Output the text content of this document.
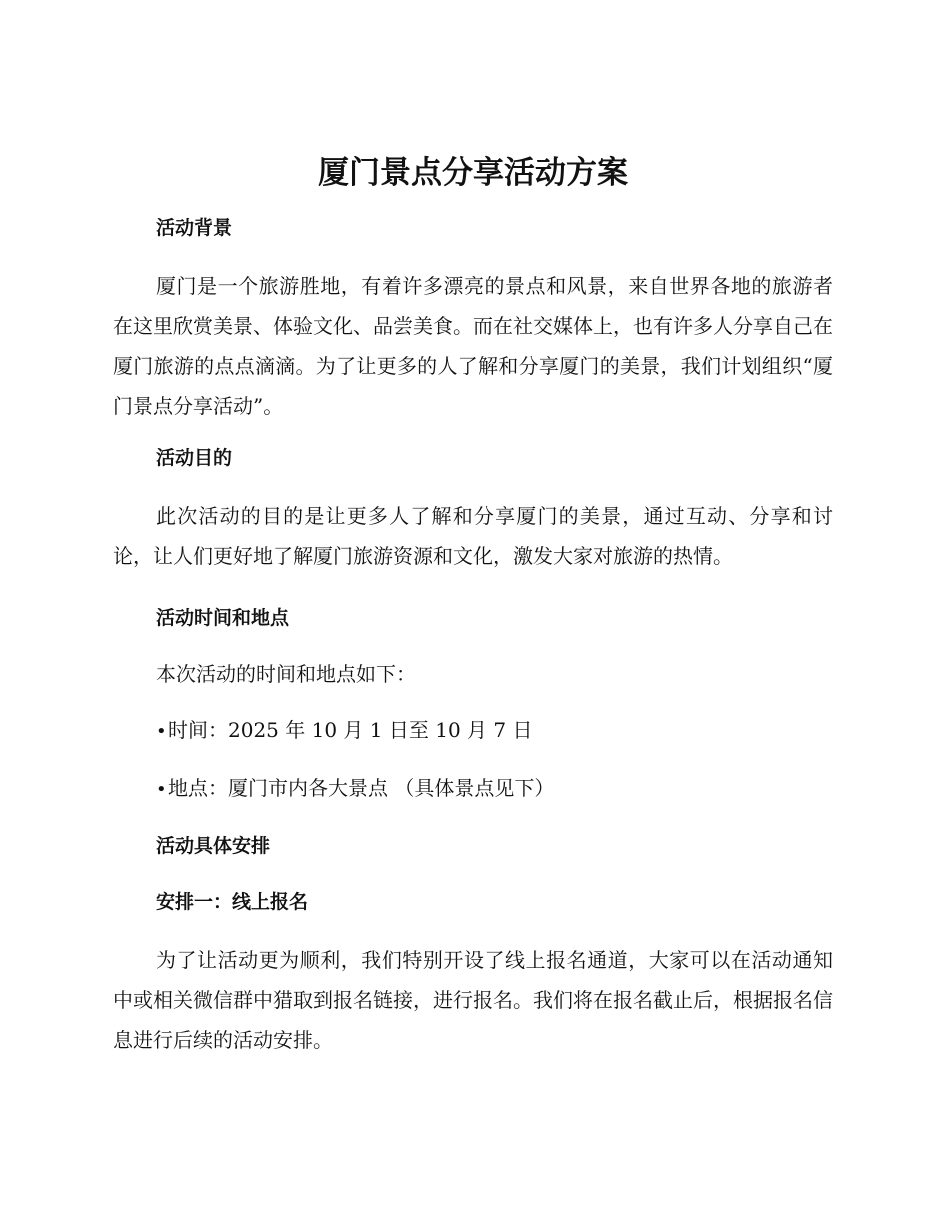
厦门景点分享活动方案
活动背景

厦门是一个旅游胜地，有着许多漂亮的景点和风景，来自世界各地的旅游者在这里欣赏美景、体验文化、品尝美食。而在社交媒体上，也有许多人分享自己在厦门旅游的点点滴滴。为了让更多的人了解和分享厦门的美景，我们计划组织“厦门景点分享活动”。

活动目的

此次活动的目的是让更多人了解和分享厦门的美景，通过互动、分享和讨论，让人们更好地了解厦门旅游资源和文化，激发大家对旅游的热情。

活动时间和地点

本次活动的时间和地点如下：

•时间：2025 年 10 月 1 日至 10 月 7 日

•地点：厦门市内各大景点 （具体景点见下）

活动具体安排
安排一：线上报名

为了让活动更为顺利，我们特别开设了线上报名通道，大家可以在活动通知中或相关微信群中猎取到报名链接，进行报名。我们将在报名截止后，根据报名信息进行后续的活动安排。
